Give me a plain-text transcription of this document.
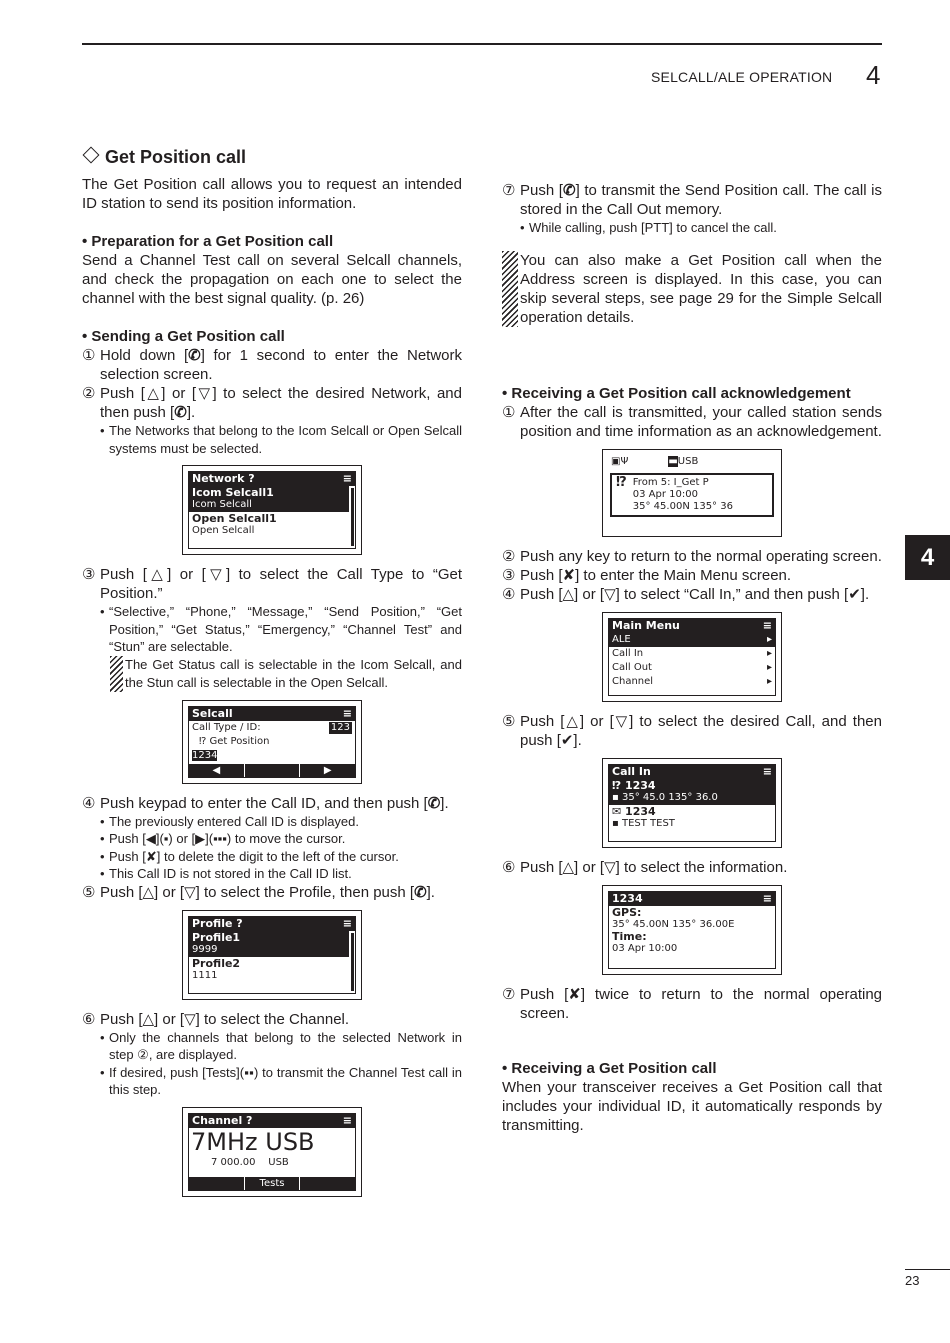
SELCALL/ALE OPERATION 4
4
23
Get Position call

The Get Position call allows you to request an intended ID station to send its position information.

• Preparation for a Get Position call

Send a Channel Test call on several Selcall channels, and check the propagation on each one to select the channel with the best signal quality. (p. 26)

• Sending a Get Position call

① Hold down [✆] for 1 second to enter the Network selection screen.
② Push [△] or [▽] to select the desired Network, and then push [✆].
• The Networks that belong to the Icom Selcall or Open Selcall systems must be selected.
Network ?	≡
Icom Selcall1
Icom Selcall
Open Selcall1
Open Selcall
③ Push [△] or [▽] to select the Call Type to “Get Position.”
• “Selective,” “Phone,” “Message,” “Send Position,” “Get Position,” “Get Status,” “Emergency,” “Channel Test” and “Stun” are selectable.
The Get Status call is selectable in the Icom Selcall, and the Stun call is selectable in the Open Selcall.
Selcall	≡
Call Type / ID:	123
⁉ Get Position
1234
◀	▶
④ Push keypad to enter the Call ID, and then push [✆].
• The previously entered Call ID is displayed.
• Push [◀](▪) or [▶](▪▪▪) to move the cursor.
• Push [✘] to delete the digit to the left of the cursor.
• This Call ID is not stored in the Call ID list.
⑤ Push [△] or [▽] to select the Profile, then push [✆].
Profile ?	≡
Profile1
9999
Profile2
1111
⑥ Push [△] or [▽] to select the Channel.
• Only the channels that belong to the selected Network in step ②, are displayed.
• If desired, push [Tests](▪▪) to transmit the Channel Test call in this step.
Channel ?	≡
7MHz USB
7 000.00 USB
Tests
⑦ Push [✆] to transmit the Send Position call. The call is stored in the Call Out memory.
• While calling, push [PTT] to cancel the call.
You can also make a Get Position call when the Address screen is displayed. In this case, you can skip several steps, see page 29 for the Simple Selcall operation details.

• Receiving a Get Position call acknowledgement

① After the call is transmitted, your called station sends position and time information as an acknowledgement.
▣Ψ	▬USB
⁉ From 5: I_Get P
03 Apr 10:00
35° 45.00N 135° 36
② Push any key to return to the normal operating screen.
③ Push [✘] to enter the Main Menu screen.
④ Push [△] or [▽] to select “Call In,” and then push [✔].
Main Menu	≡
ALE	▸
Call In	▸
Call Out	▸
Channel	▸
⑤ Push [△] or [▽] to select the desired Call, and then push [✔].
Call In	≡
⁉ 1234
▪ 35° 45.0 135° 36.0
✉ 1234
▪ TEST TEST
⑥ Push [△] or [▽] to select the information.
1234	≡
GPS:
35° 45.00N 135° 36.00E
Time:
03 Apr 10:00
⑦ Push [✘] twice to return to the normal operating screen.

• Receiving a Get Position call

When your transceiver receives a Get Position call that includes your individual ID, it automatically responds by transmitting.
